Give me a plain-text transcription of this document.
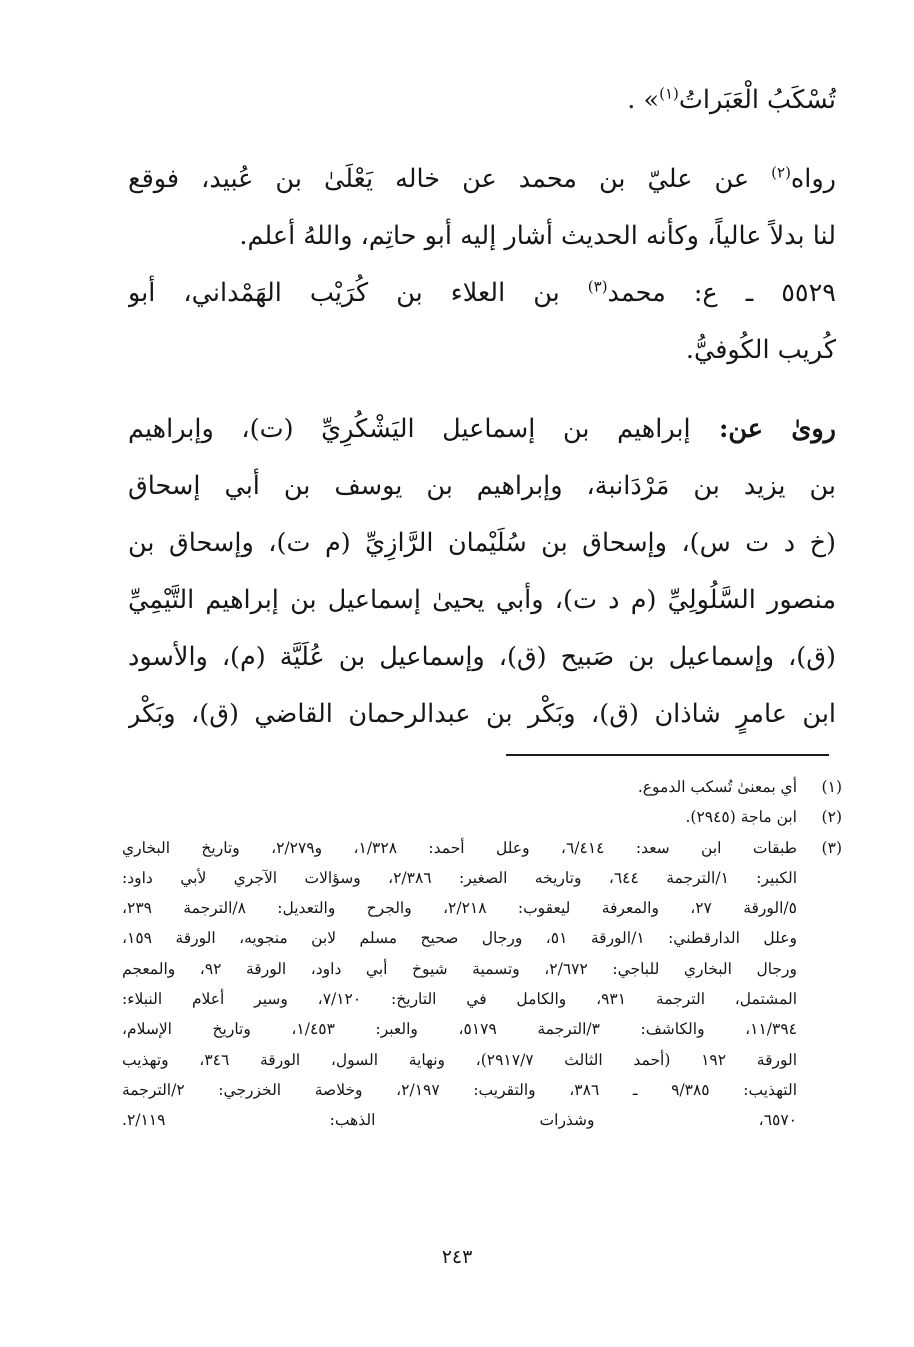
تُسْكَبُ الْعَبَراتُ$^{(١)}$» .
رواه$^{(٢)}$ عن عليّ بن محمد عن خاله يَعْلَىٰ بن عُبيد، فوقع
لنا بدلاً عالياً، وكأنه الحديث أشار إليه أبو حاتِم، واللهُ أعلم.
٥٥٢٩ ـ ع: محمد$^{(٣)}$ بن العلاء بن كُرَيْب الهَمْداني، أبو
كُريب الكُوفيُّ.
روىٰ عن: إبراهيم بن إسماعيل اليَشْكُرِيِّ (ت)، وإبراهيم
بن يزيد بن مَرْدَانبة، وإبراهيم بن يوسف بن أبي إسحاق
(خ د ت س)، وإسحاق بن سُلَيْمان الرَّازِيِّ (م ت)، وإسحاق بن
منصور السَّلُولِيِّ (م د ت)، وأبي يحيىٰ إسماعيل بن إبراهيم التَّيْمِيِّ
(ق)، وإسماعيل بن صَبيح (ق)، وإسماعيل بن عُلَيَّة (م)، والأسود
ابن عامرٍ شاذان (ق)، وبَكْر بن عبدالرحمان القاضي (ق)، وبَكْر
(١)
أي بمعنىٰ تُسكب الدموع.
(٢)
ابن ماجة (٢٩٤٥).
(٣)
طبقات ابن سعد: ٦/٤١٤، وعلل أحمد: ١/٣٢٨، و٢/٢٧٩، وتاريخ البخاري
الكبير: ١/الترجمة ٦٤٤، وتاريخه الصغير: ٢/٣٨٦، وسؤالات الآجري لأبي داود:
٥/الورقة ٢٧، والمعرفة ليعقوب: ٢/٢١٨، والجرح والتعديل: ٨/الترجمة ٢٣٩،
وعلل الدارقطني: ١/الورقة ٥١، ورجال صحيح مسلم لابن منجويه، الورقة ١٥٩،
ورجال البخاري للباجي: ٢/٦٧٢، وتسمية شيوخ أبي داود، الورقة ٩٢، والمعجم
المشتمل، الترجمة ٩٣١، والكامل في التاريخ: ٧/١٢٠، وسير أعلام النبلاء:
١١/٣٩٤، والكاشف: ٣/الترجمة ٥١٧٩، والعبر: ١/٤٥٣، وتاريخ الإسلام،
الورقة ١٩٢ (أحمد الثالث ٢٩١٧/٧)، ونهاية السول، الورقة ٣٤٦، وتهذيب
التهذيب: ٩/٣٨٥ ـ ٣٨٦، والتقريب: ٢/١٩٧، وخلاصة الخزرجي: ٢/الترجمة
٦٥٧٠، وشذرات الذهب: ٢/١١٩.
٢٤٣
